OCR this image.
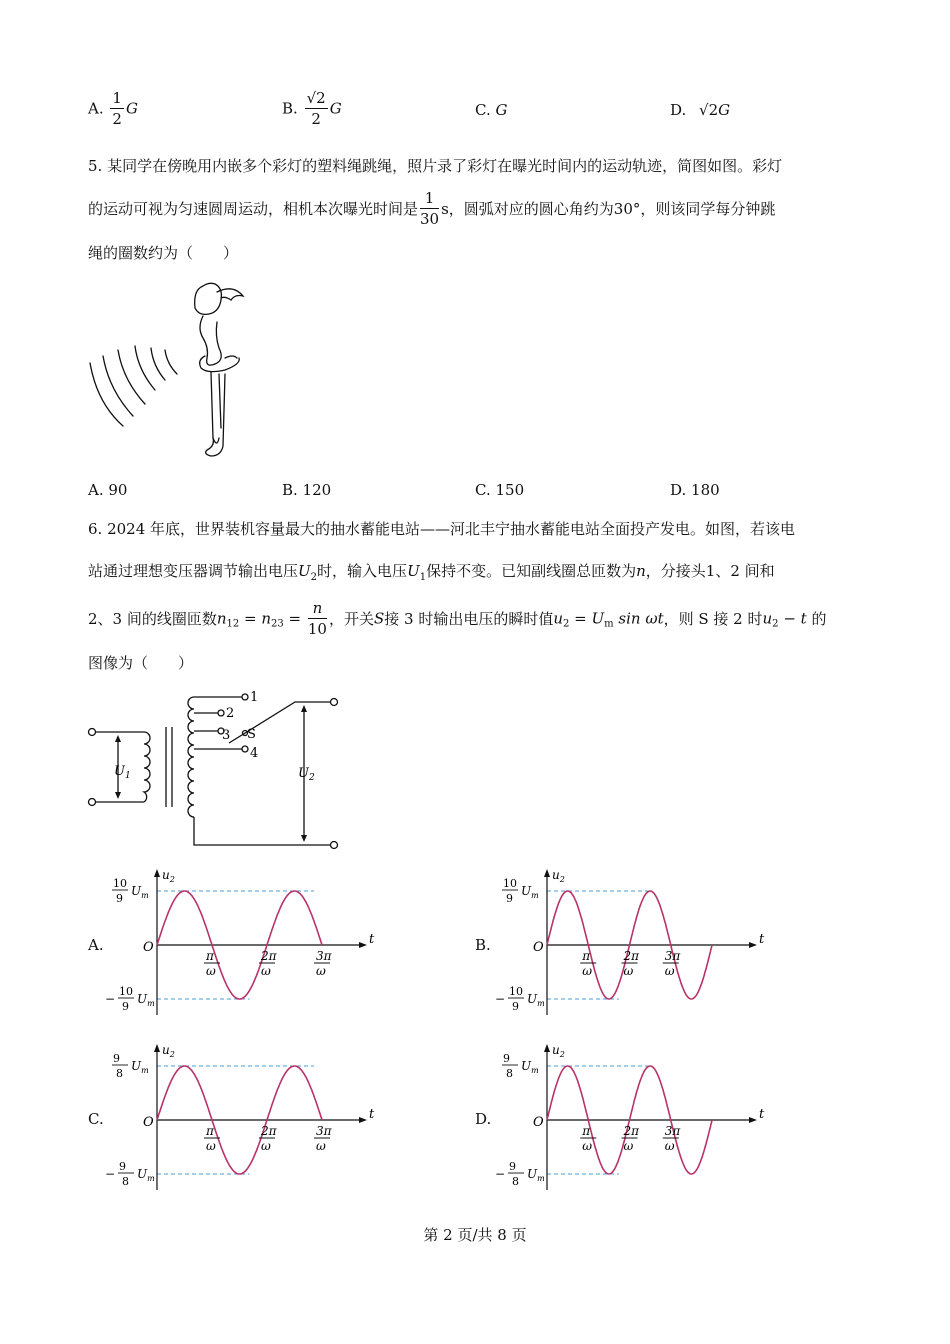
A. $\frac{1}{2}$ G	B. $\frac{√2}{2}$ G	C. G	D. √2G
5. 某同学在傍晚用内嵌多个彩灯的塑料绳跳绳，照片录了彩灯在曝光时间内的运动轨迹，简图如图。彩灯
的运动可视为匀速圆周运动，相机本次曝光时间是 $\frac{1}{30}$ s，圆弧对应的圆心角约为30°，则该同学每分钟跳
绳的圈数约为（　　）
A. 90	B. 120	C. 150	D. 180
6. 2024 年底，世界装机容量最大的抽水蓄能电站——河北丰宁抽水蓄能电站全面投产发电。如图，若该电
站通过理想变压器调节输出电压$U_2$时，输入电压$U_1$保持不变。已知副线圈总匝数为n，分接头1、2 间和
2、3 间的线圈匝数$n_{12} = n_{23} = \frac{n}{10}$ ，开关S接 3 时输出电压的瞬时值$u_2 = U_m$ sin ωt，则 S 接 2 时$u_2 - t$ 的
图像为（　　）
1
2
3
4
S
$U_1$	$U_2$
A.	B.
C.	D.
O
$u_2$
t
π
ω
2π
ω
3π
ω
10
9
$U_m$
−
10
9
$U_m$
O
$u_2$
t
π
ω
2π
ω
3π
ω
10
9
$U_m$
−
10
9
$U_m$
O
$u_2$
t
π
ω
2π
ω
3π
ω
9
8
$U_m$
−
9
8
$U_m$
O
$u_2$
t
π
ω
2π
ω
3π
ω
9
8
$U_m$
−
9
8
$U_m$
第 2 页/共 8 页
